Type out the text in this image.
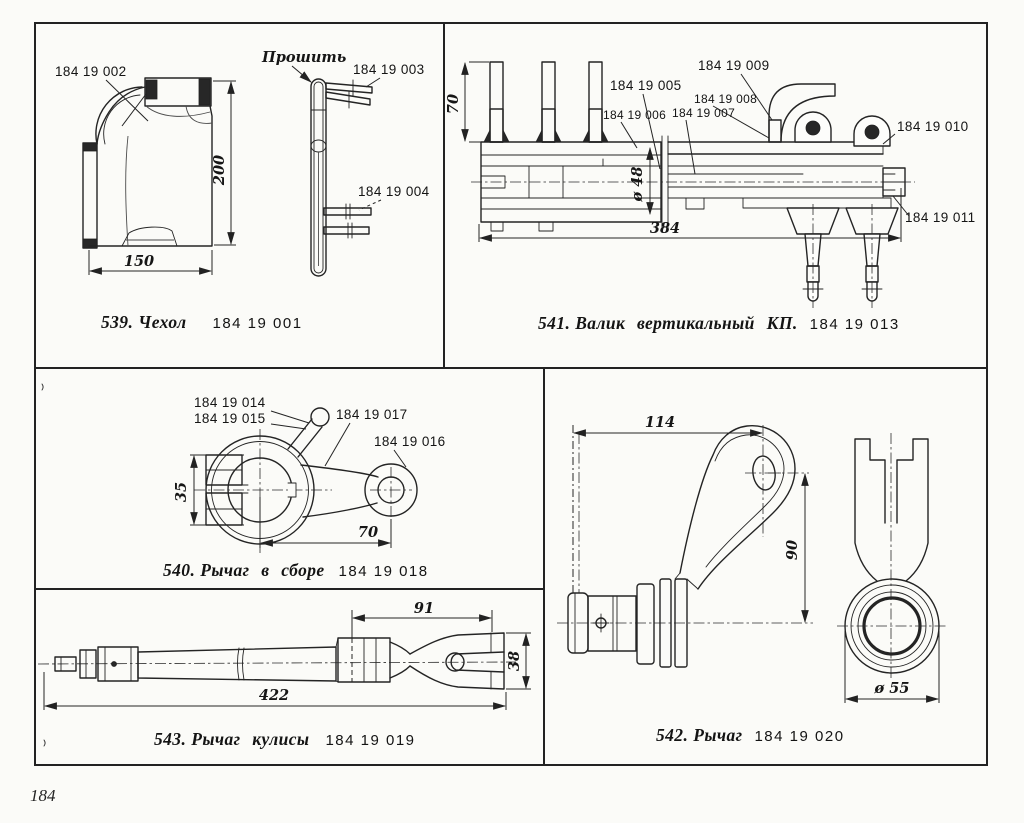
200
150
184 19 002
Прошить
184 19 003
184 19 004
70
ø 48
384
184 19 009
184 19 005
184 19 008
184 19 006 184 19 007
184 19 010
184 19 011
35
70
184 19 014
184 19 015	184 19 017
184 19 016
91
422
38
114
90
ø 55
539. Чехол 184 19 001	541. Валик вертикальный КП. 184 19 013
540. Рычаг в сборе 184 19 018
543. Рычаг кулисы 184 19 019	542. Рычаг 184 19 020
184
